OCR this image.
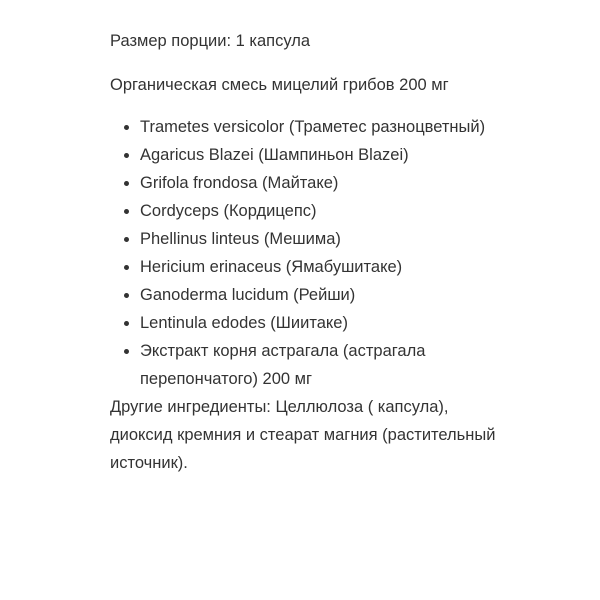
Размер порции: 1 капсула

Органическая смесь мицелий грибов 200 мг

Trametes versicolor (Траметес разноцветный)
Agaricus Blazei (Шампиньон Blazei)
Grifola frondosa (Майтаке)
Cordyceps (Кордицепс)
Phellinus linteus (Мешима)
Hericium erinaceus (Ямабушитаке)
Ganoderma lucidum (Рейши)
Lentinula edodes (Шиитаке)
Экстракт корня астрагала (астрагала перепончатого) 200 мг

Другие ингредиенты: Целлюлоза ( капсула), диоксид кремния и стеарат магния (растительный источник).
